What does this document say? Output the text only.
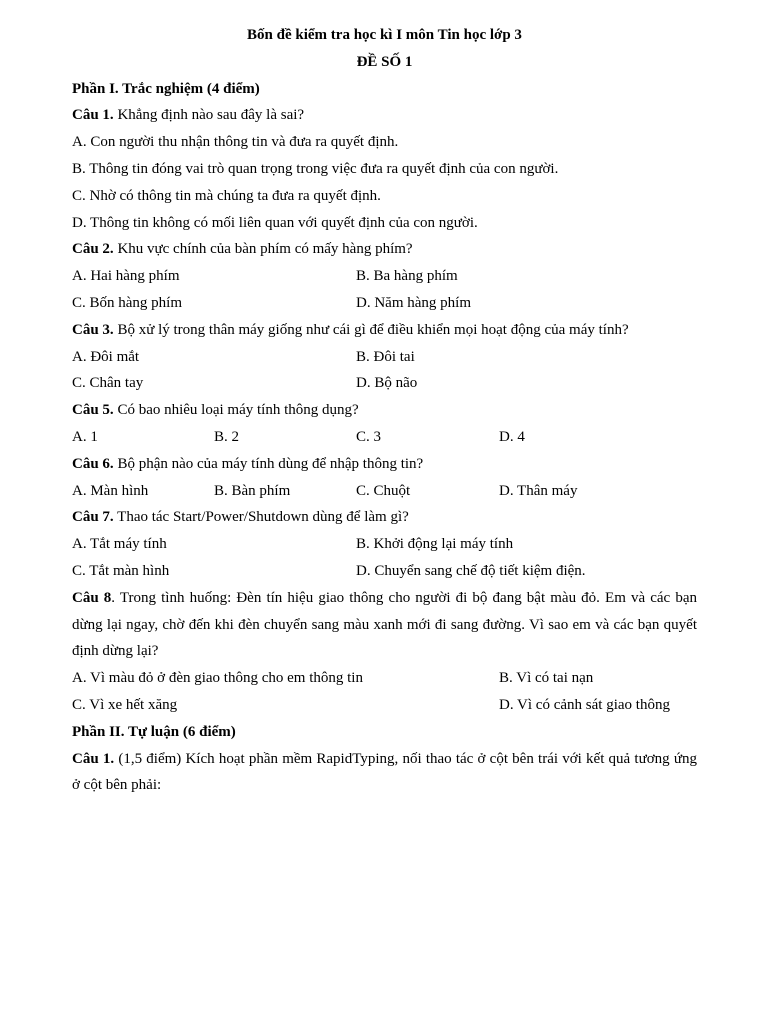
Bốn đề kiểm tra học kì I môn Tin học lớp 3
ĐỀ SỐ 1
Phần I. Trắc nghiệm (4 điểm)
Câu 1. Khẳng định nào sau đây là sai?
A. Con người thu nhận thông tin và đưa ra quyết định.
B. Thông tin đóng vai trò quan trọng trong việc đưa ra quyết định của con người.
C. Nhờ có thông tin mà chúng ta đưa ra quyết định.
D. Thông tin không có mối liên quan với quyết định của con người.
Câu 2. Khu vực chính của bàn phím có mấy hàng phím?
A. Hai hàng phím	B. Ba hàng phím
C. Bốn hàng phím	D. Năm hàng phím
Câu 3. Bộ xử lý trong thân máy giống như cái gì để điều khiển mọi hoạt động của máy tính?
A. Đôi mắt	B. Đôi tai
C. Chân tay	D. Bộ não
Câu 5. Có bao nhiêu loại máy tính thông dụng?
A. 1	B. 2	C. 3	D. 4
Câu 6. Bộ phận nào của máy tính dùng để nhập thông tin?
A. Màn hình	B. Bàn phím	C. Chuột	D. Thân máy
Câu 7. Thao tác Start/Power/Shutdown dùng để làm gì?
A. Tắt máy tính	B. Khởi động lại máy tính
C. Tắt màn hình	D. Chuyển sang chế độ tiết kiệm điện.
Câu 8. Trong tình huống: Đèn tín hiệu giao thông cho người đi bộ đang bật màu đỏ. Em và các bạn dừng lại ngay, chờ đến khi đèn chuyển sang màu xanh mới đi sang đường. Vì sao em và các bạn quyết định dừng lại?
A. Vì màu đỏ ở đèn giao thông cho em thông tin	B. Vì có tai nạn
C. Vì xe hết xăng	D. Vì có cảnh sát giao thông
Phần II. Tự luận (6 điểm)
Câu 1. (1,5 điểm) Kích hoạt phần mềm RapidTyping, nối thao tác ở cột bên trái với kết quả tương ứng ở cột bên phải:
